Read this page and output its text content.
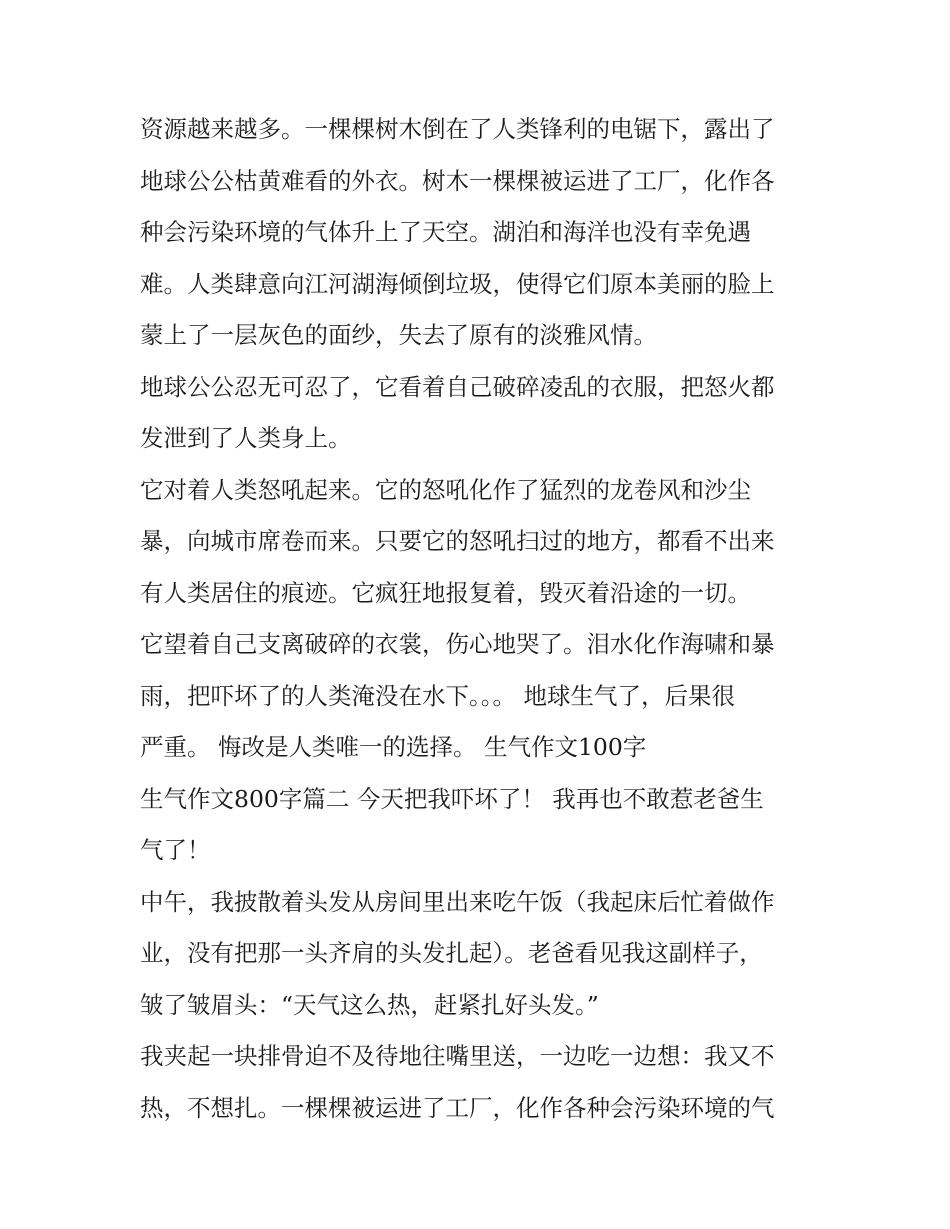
资源越来越多。一棵棵树木倒在了人类锋利的电锯下，露出了
地球公公枯黄难看的外衣。树木一棵棵被运进了工厂，化作各
种会污染环境的气体升上了天空。湖泊和海洋也没有幸免遇
难。人类肆意向江河湖海倾倒垃圾，使得它们原本美丽的脸上
蒙上了一层灰色的面纱，失去了原有的淡雅风情。
地球公公忍无可忍了，它看着自己破碎凌乱的衣服，把怒火都
发泄到了人类身上。
它对着人类怒吼起来。它的怒吼化作了猛烈的龙卷风和沙尘
暴，向城市席卷而来。只要它的怒吼扫过的地方，都看不出来
有人类居住的痕迹。它疯狂地报复着，毁灭着沿途的一切。
它望着自己支离破碎的衣裳，伤心地哭了。泪水化作海啸和暴
雨，把吓坏了的人类淹没在水下。。。 地球生气了，后果很
严重。 悔改是人类唯一的选择。 生气作文100字
生气作文800字篇二 今天把我吓坏了！ 我再也不敢惹老爸生
气了！
中午，我披散着头发从房间里出来吃午饭（我起床后忙着做作
业，没有把那一头齐肩的头发扎起）。老爸看见我这副样子，
皱了皱眉头：“天气这么热，赶紧扎好头发。”
我夹起一块排骨迫不及待地往嘴里送，一边吃一边想：我又不
热，不想扎。一棵棵被运进了工厂，化作各种会污染环境的气
